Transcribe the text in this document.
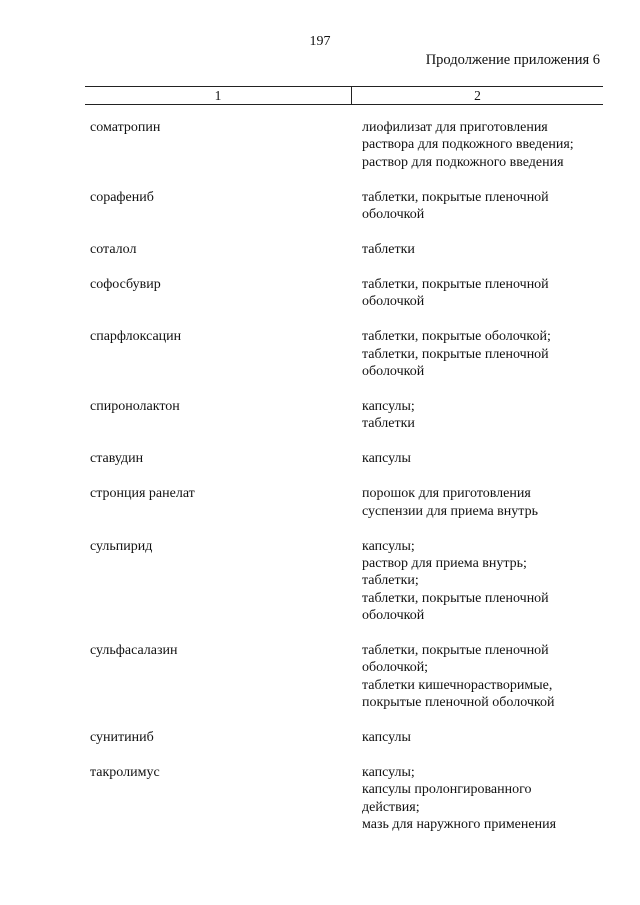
197
Продолжение приложения 6
1	2
соматропин	лиофилизат для приготовления
раствора для подкожного введения;
раствор для подкожного введения
сорафениб	таблетки, покрытые пленочной
оболочкой
соталол	таблетки
софосбувир	таблетки, покрытые пленочной
оболочкой
спарфлоксацин	таблетки, покрытые оболочкой;
таблетки, покрытые пленочной
оболочкой
спиронолактон	капсулы;
таблетки
ставудин	капсулы
стронция ранелат	порошок для приготовления
суспензии для приема внутрь
сульпирид	капсулы;
раствор для приема внутрь;
таблетки;
таблетки, покрытые пленочной
оболочкой
сульфасалазин	таблетки, покрытые пленочной
оболочкой;
таблетки кишечнорастворимые,
покрытые пленочной оболочкой
сунитиниб	капсулы
такролимус	капсулы;
капсулы пролонгированного
действия;
мазь для наружного применения
